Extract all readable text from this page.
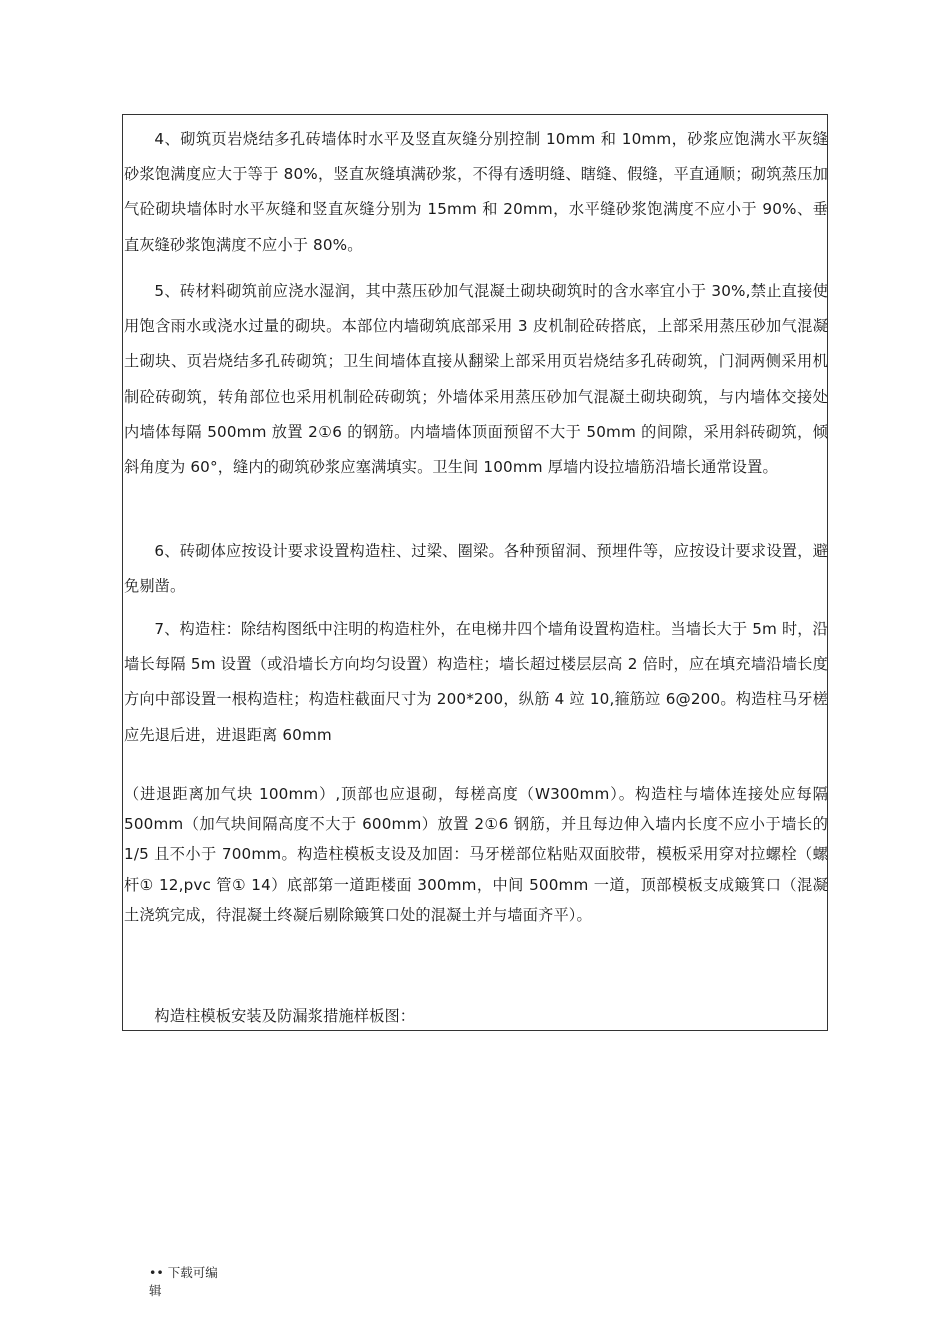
4、砌筑页岩烧结多孔砖墙体时水平及竖直灰缝分别控制 10mm 和 10mm，砂浆应饱满水平灰缝砂浆饱满度应大于等于 80%，竖直灰缝填满砂浆，不得有透明缝、瞎缝、假缝，平直通顺；砌筑蒸压加气砼砌块墙体时水平灰缝和竖直灰缝分别为 15mm 和 20mm，水平缝砂浆饱满度不应小于 90%、垂直灰缝砂浆饱满度不应小于 80%。

5、砖材料砌筑前应浇水湿润，其中蒸压砂加气混凝土砌块砌筑时的含水率宜小于 30%,禁止直接使用饱含雨水或浇水过量的砌块。本部位内墙砌筑底部采用 3 皮机制砼砖搭底，上部采用蒸压砂加气混凝土砌块、页岩烧结多孔砖砌筑；卫生间墙体直接从翻梁上部采用页岩烧结多孔砖砌筑，门洞两侧采用机制砼砖砌筑，转角部位也采用机制砼砖砌筑；外墙体采用蒸压砂加气混凝土砌块砌筑，与内墙体交接处内墙体每隔 500mm 放置 2①6 的钢筋。内墙墙体顶面预留不大于 50mm 的间隙，采用斜砖砌筑，倾斜角度为 60°，缝内的砌筑砂浆应塞满填实。卫生间 100mm 厚墙内设拉墙筋沿墙长通常设置。

6、砖砌体应按设计要求设置构造柱、过梁、圈梁。各种预留洞、预埋件等，应按设计要求设置，避免剔凿。

7、构造柱：除结构图纸中注明的构造柱外，在电梯井四个墙角设置构造柱。当墙长大于 5m 时，沿墙长每隔 5m 设置（或沿墙长方向均匀设置）构造柱；墙长超过楼层层高 2 倍时，应在填充墙沿墙长度方向中部设置一根构造柱；构造柱截面尺寸为 200*200，纵筋 4 竝 10,箍筋竝 6@200。构造柱马牙槎应先退后进，进退距离 60mm

（进退距离加气块 100mm）,顶部也应退砌，每槎高度（W300mm）。构造柱与墙体连接处应每隔 500mm（加气块间隔高度不大于 600mm）放置 2①6 钢筋，并且每边伸入墙内长度不应小于墙长的 1/5 且不小于 700mm。构造柱模板支设及加固：马牙槎部位粘贴双面胶带，模板采用穿对拉螺栓（螺杆① 12,pvc 管① 14）底部第一道距楼面 300mm，中间 500mm 一道，顶部模板支成簸箕口（混凝土浇筑完成，待混凝土终凝后剔除簸箕口处的混凝土并与墙面齐平）。

构造柱模板安装及防漏浆措施样板图：

•• 下载可编辑
